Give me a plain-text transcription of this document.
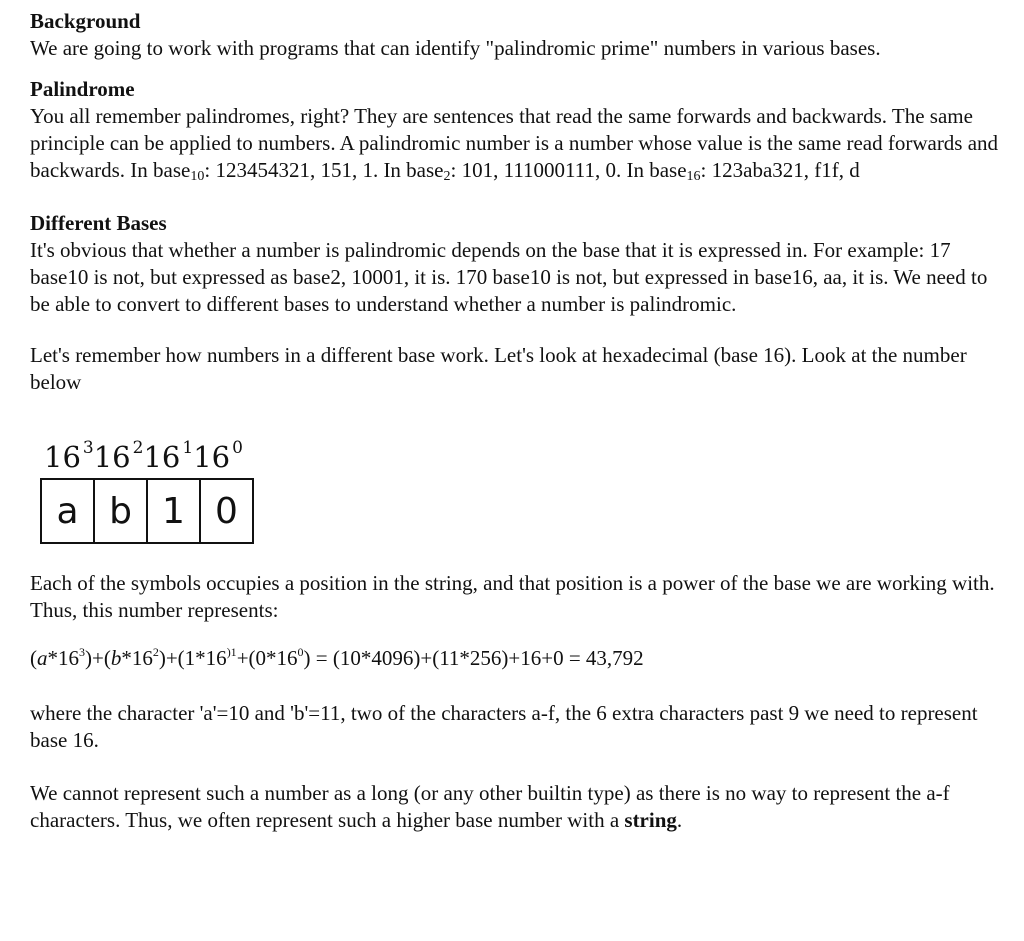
Background

We are going to work with programs that can identify "palindromic prime" numbers in various bases.

Palindrome

You all remember palindromes, right? They are sentences that read the same forwards and backwards. The same principle can be applied to numbers. A palindromic number is a number whose value is the same read forwards and backwards. In base$_{10}$: 123454321, 151, 1. In base$_2$: 101, 111000111, 0. In base$_{16}$: 123aba321, f1f, d

Different Bases

It's obvious that whether a number is palindromic depends on the base that it is expressed in. For example: 17 base10 is not, but expressed as base2, 10001, it is. 170 base10 is not, but expressed in base16, aa, it is. We need to be able to convert to different bases to understand whether a number is palindromic.

Let's remember how numbers in a different base work. Let's look at hexadecimal (base 16). Look at the number below

16 $^3$16 $^2$16 $^1$16 $^0$
a b 1 0

Each of the symbols occupies a position in the string, and that position is a power of the base we are working with. Thus, this number represents:

$(a*16^3)+(b*16^2)+(1*16^{)1}+(0*16^0) = (10*4096)+(11*256)+16+0 = 43,792$

where the character 'a'=10 and 'b'=11, two of the characters a-f, the 6 extra characters past 9 we need to represent base 16.

We cannot represent such a number as a long (or any other builtin type) as there is no way to represent the a-f characters. Thus, we often represent such a higher base number with a string.
